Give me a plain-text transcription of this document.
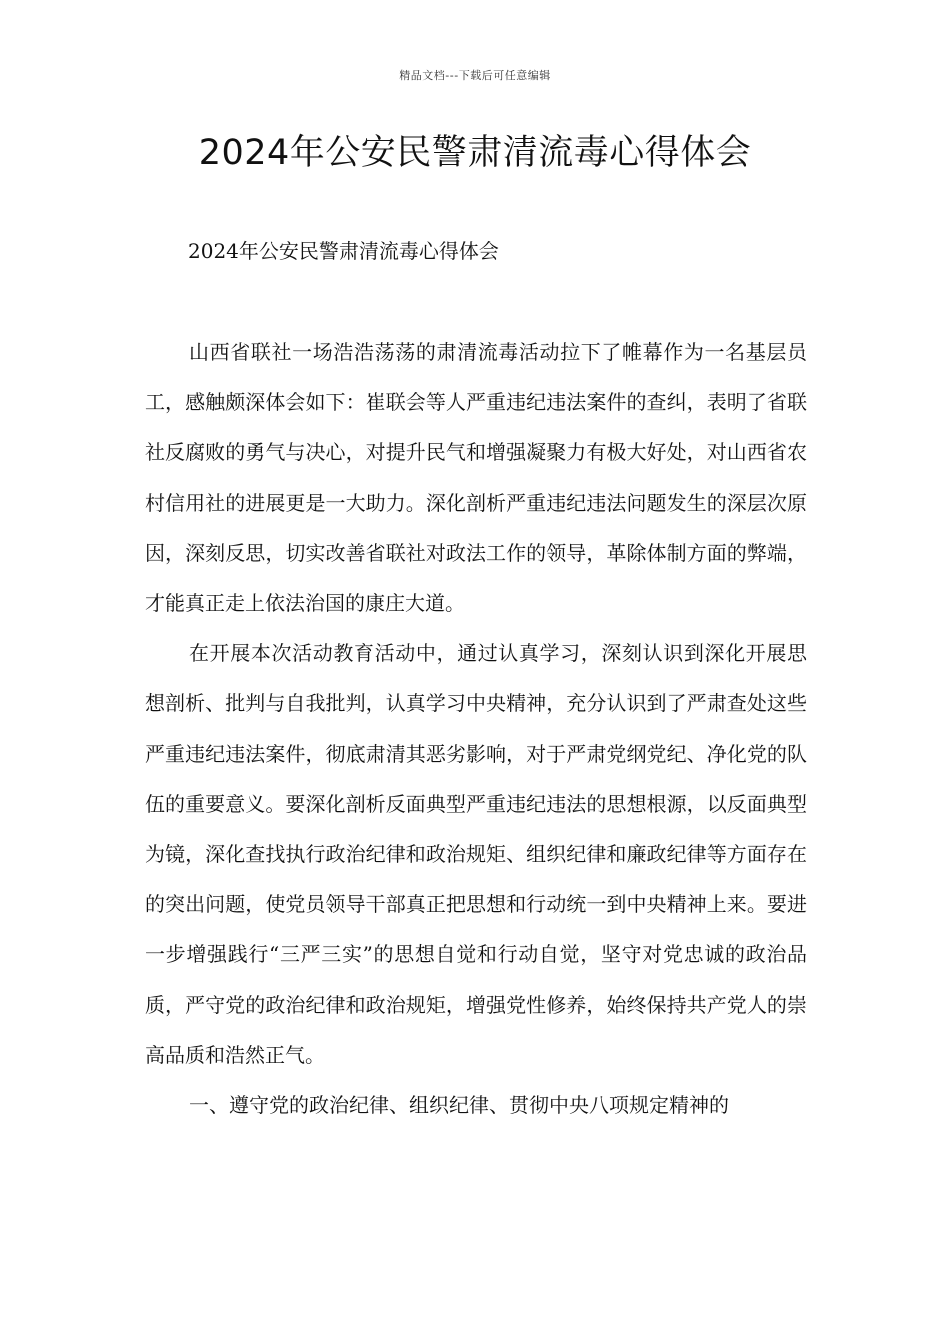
精品文档---下载后可任意编辑
2024年公安民警肃清流毒心得体会
2024年公安民警肃清流毒心得体会

山西省联社一场浩浩荡荡的肃清流毒活动拉下了帷幕作为一名基层员工，感触颇深体会如下：崔联会等人严重违纪违法案件的查纠，表明了省联社反腐败的勇气与决心，对提升民气和增强凝聚力有极大好处，对山西省农村信用社的进展更是一大助力。深化剖析严重违纪违法问题发生的深层次原因，深刻反思，切实改善省联社对政法工作的领导，革除体制方面的弊端，才能真正走上依法治国的康庄大道。

在开展本次活动教育活动中，通过认真学习，深刻认识到深化开展思想剖析、批判与自我批判，认真学习中央精神，充分认识到了严肃查处这些严重违纪违法案件，彻底肃清其恶劣影响，对于严肃党纲党纪、净化党的队伍的重要意义。要深化剖析反面典型严重违纪违法的思想根源，以反面典型为镜，深化查找执行政治纪律和政治规矩、组织纪律和廉政纪律等方面存在的突出问题，使党员领导干部真正把思想和行动统一到中央精神上来。要进一步增强践行“三严三实”的思想自觉和行动自觉，坚守对党忠诚的政治品质，严守党的政治纪律和政治规矩，增强党性修养，始终保持共产党人的崇高品质和浩然正气。

一、遵守党的政治纪律、组织纪律、贯彻中央八项规定精神的
